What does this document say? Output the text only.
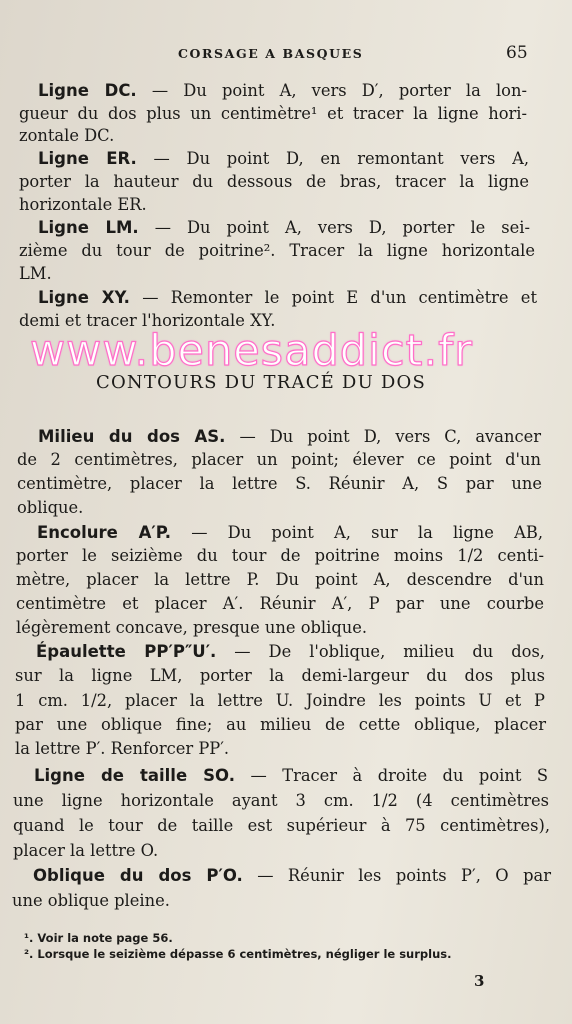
CORSAGE A BASQUES	65
Ligne DC. — Du point A, vers D′, porter la lon-
gueur du dos plus un centimètre¹ et tracer la ligne hori-
zontale DC.
Ligne ER. — Du point D, en remontant vers A,
porter la hauteur du dessous de bras, tracer la ligne
horizontale ER.
Ligne LM. — Du point A, vers D, porter le sei-
zième du tour de poitrine². Tracer la ligne horizontale
LM.
Ligne XY. — Remonter le point E d'un centimètre et
demi et tracer l'horizontale XY.
CONTOURS DU TRACÉ DU DOS
www.benesaddict.fr
Milieu du dos AS. — Du point D, vers C, avancer
de 2 centimètres, placer un point; élever ce point d'un
centimètre, placer la lettre S. Réunir A, S par une
oblique.
Encolure A′P. — Du point A, sur la ligne AB,
porter le seizième du tour de poitrine moins 1/2 centi-
mètre, placer la lettre P. Du point A, descendre d'un
centimètre et placer A′. Réunir A′, P par une courbe
légèrement concave, presque une oblique.
Épaulette PP′P″U′. — De l'oblique, milieu du dos,
sur la ligne LM, porter la demi-largeur du dos plus
1 cm. 1/2, placer la lettre U. Joindre les points U et P
par une oblique fine; au milieu de cette oblique, placer
la lettre P′. Renforcer PP′.
Ligne de taille SO. — Tracer à droite du point S
une ligne horizontale ayant 3 cm. 1/2 (4 centimètres
quand le tour de taille est supérieur à 75 centimètres),
placer la lettre O.
Oblique du dos P′O. — Réunir les points P′, O par
une oblique pleine.
¹. Voir la note page 56.
². Lorsque le seizième dépasse 6 centimètres, négliger le surplus.
3
